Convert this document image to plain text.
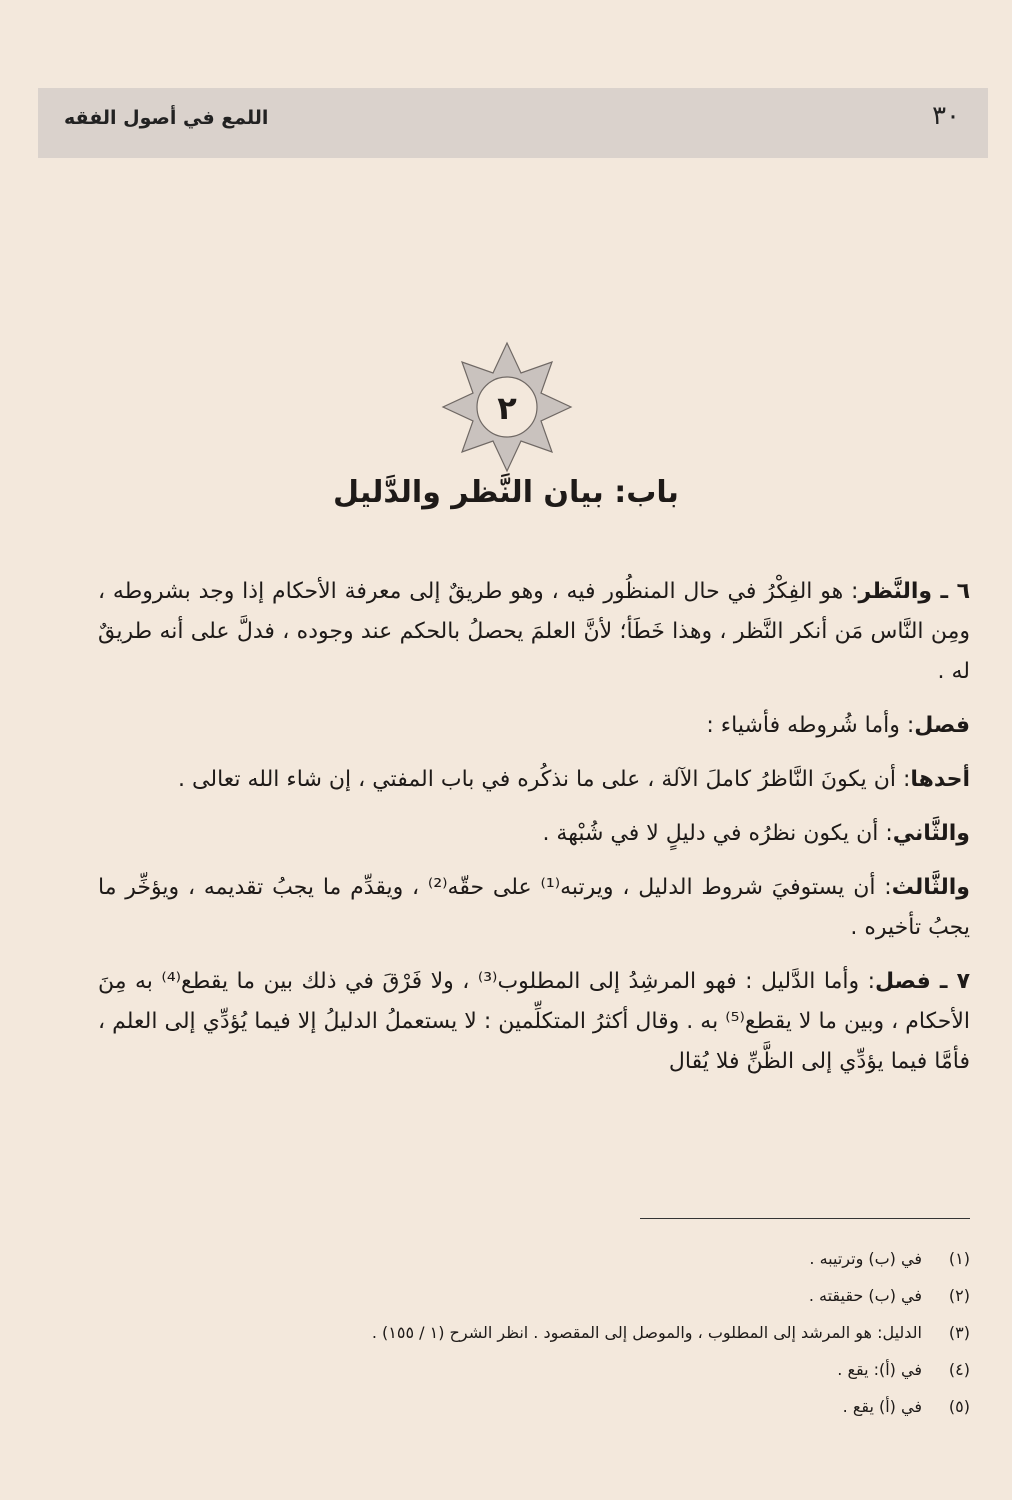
٣٠
اللمع في أصول الفقه
٢
باب: بيان النَّظر والدَّليل

٦ ـ والنَّظر: هو الفِكْرُ في حال المنظُور فيه ، وهو طريقٌ إلى معرفة الأحكام إذا وجد بشروطه ، ومِن النَّاس مَن أنكر النَّظر ، وهذا خَطَأ؛ لأنَّ العلمَ يحصلُ بالحكم عند وجوده ، فدلَّ على أنه طريقٌ له .

فصل: وأما شُروطه فأشياء :

أحدها: أن يكونَ النَّاظرُ كاملَ الآلة ، على ما نذكُره في باب المفتي ، إن شاء الله تعالى .

والثَّاني: أن يكون نظرُه في دليلٍ لا في شُبْهة .

والثَّالث: أن يستوفيَ شروط الدليل ، ويرتبه⁽¹⁾ على حقّه⁽²⁾ ، ويقدِّم ما يجبُ تقديمه ، ويؤخِّر ما يجبُ تأخيره .

٧ ـ فصل: وأما الدَّليل : فهو المرشِدُ إلى المطلوب⁽³⁾ ، ولا فَرْقَ في ذلك بين ما يقطع⁽⁴⁾ به مِنَ الأحكام ، وبين ما لا يقطع⁽⁵⁾ به . وقال أكثرُ المتكلِّمين : لا يستعملُ الدليلُ إلا فيما يُؤدِّي إلى العلم ، فأمَّا فيما يؤدِّي إلى الظَّنِّ فلا يُقال

(١)
في (ب) وترتيبه .
(٢)
في (ب) حقيقته .
(٣)
الدليل: هو المرشد إلى المطلوب ، والموصل إلى المقصود . انظر الشرح (١ / ١٥٥) .
(٤)
في (أ): يقع .
(٥)
في (أ) يقع .
